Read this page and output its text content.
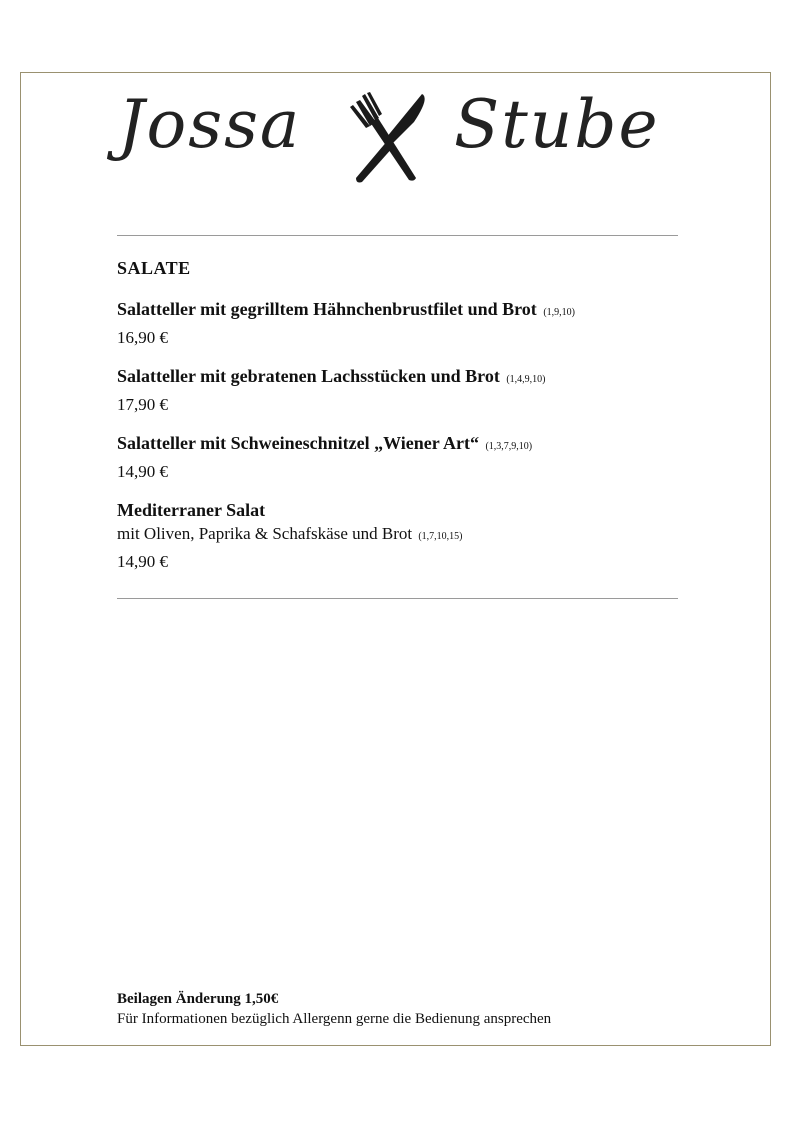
Jossa Stube
SALATE
Salatteller mit gegrilltem Hähnchenbrustfilet und Brot (1,9,10)
16,90 €
Salatteller mit gebratenen Lachsstücken und Brot (1,4,9,10)
17,90 €
Salatteller mit Schweineschnitzel „Wiener Art“ (1,3,7,9,10)
14,90 €
Mediterraner Salat
mit Oliven, Paprika & Schafskäse und Brot (1,7,10,15)
14,90 €
Beilagen Änderung 1,50€
Für Informationen bezüglich Allergenn gerne die Bedienung ansprechen
